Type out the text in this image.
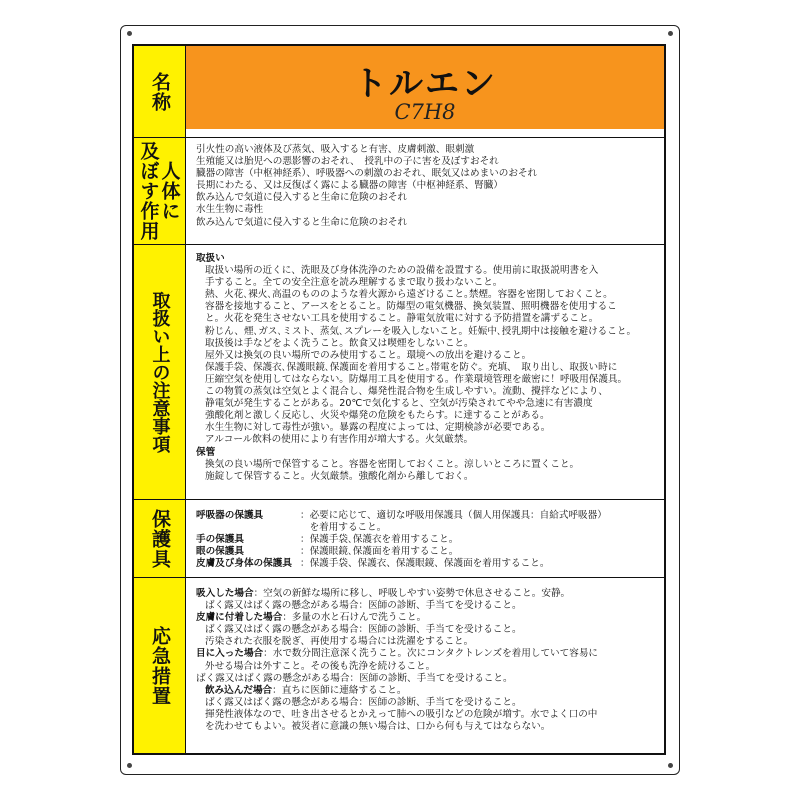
名称	トルエン
C7H8
人体に
及ぼす作用	引火性の高い液体及び蒸気、吸入すると有害、皮膚刺激、眼刺激
生殖能又は胎児への悪影響のおそれ、　授乳中の子に害を及ぼすおそれ
臓器の障害（中枢神経系）、呼吸器への刺激のおそれ、眠気又はめまいのおそれ
長期にわたる、又は反復ばく露による臓器の障害（中枢神経系、腎臓）
飲み込んで気道に侵入すると生命に危険のおそれ
水生生物に毒性
飲み込んで気道に侵入すると生命に危険のおそれ
取扱い上の注意事項
取扱い
取扱い場所の近くに、洗眼及び身体洗浄のための設備を設置する。使用前に取扱説明書を入
手すること。全ての安全注意を読み理解するまで取り扱わないこと。
熱、火花､裸火､高温のもののような着火源から遠ざけること｡禁煙。容器を密閉しておくこと。
容器を接地すること、アースをとること。防爆型の電気機器、換気装置、照明機器を使用するこ
と。火花を発生させない工具を使用すること。静電気放電に対する予防措置を講ずること。
粉じん、煙､ガス､ミスト、蒸気､スプレーを吸入しないこと。妊娠中､授乳期中は接触を避けること。
取扱後は手などをよく洗うこと。飲食又は喫煙をしないこと。
屋外又は換気の良い場所でのみ使用すること。環境への放出を避けること。
保護手袋、保護衣､保護眼鏡､保護面を着用すること｡帯電を防ぐ。充填、　取り出し、取扱い時に
圧縮空気を使用してはならない。防爆用工具を使用する。作業環境管理を厳密に！呼吸用保護具。
この物質の蒸気は空気とよく混合し、爆発性混合物を生成しやすい。流動、攪拌などにより、
静電気が発生することがある。20℃で気化すると、空気が汚染されてやや急速に有害濃度
強酸化剤と激しく反応し、火災や爆発の危険をもたらす。に達することがある。
水生生物に対して毒性が強い。暴露の程度によっては、定期検診が必要である。
アルコール飲料の使用により有害作用が増大する。火気厳禁。
保管
換気の良い場所で保管すること。容器を密閉しておくこと。涼しいところに置くこと。
施錠して保管すること。火気厳禁。強酸化剤から離しておく。
保護具	呼吸器の保護具	：必要に応じて、適切な呼吸用保護具（個人用保護具：自給式呼吸器）
　を着用すること。
手の保護具	：保護手袋､保護衣を着用すること。
眼の保護具	：保護眼鏡､保護面を着用すること。
皮膚及び身体の保護具 ：保護手袋、保護衣、保護眼鏡、保護面を着用すること。
応急措置
吸入した場合：空気の新鮮な場所に移し、呼吸しやすい姿勢で休息させること。安静。
ばく露又はばく露の懸念がある場合：医師の診断、手当てを受けること。
皮膚に付着した場合：多量の水と石けんで洗うこと。
ばく露又はばく露の懸念がある場合：医師の診断、手当てを受けること。
汚染された衣服を脱ぎ、再使用する場合には洗濯をすること。
目に入った場合：水で数分間注意深く洗うこと。次にコンタクトレンズを着用していて容易に
外せる場合は外すこと。その後も洗浄を続けること。
ばく露又はばく露の懸念がある場合：医師の診断、手当てを受けること。
飲み込んだ場合：直ちに医師に連絡すること。
ばく露又はばく露の懸念がある場合：医師の診断、手当てを受けること。
揮発性液体なので、吐き出させるとかえって肺への吸引などの危険が増す。水でよく口の中
を洗わせてもよい。被災者に意識の無い場合は、口から何も与えてはならない。
